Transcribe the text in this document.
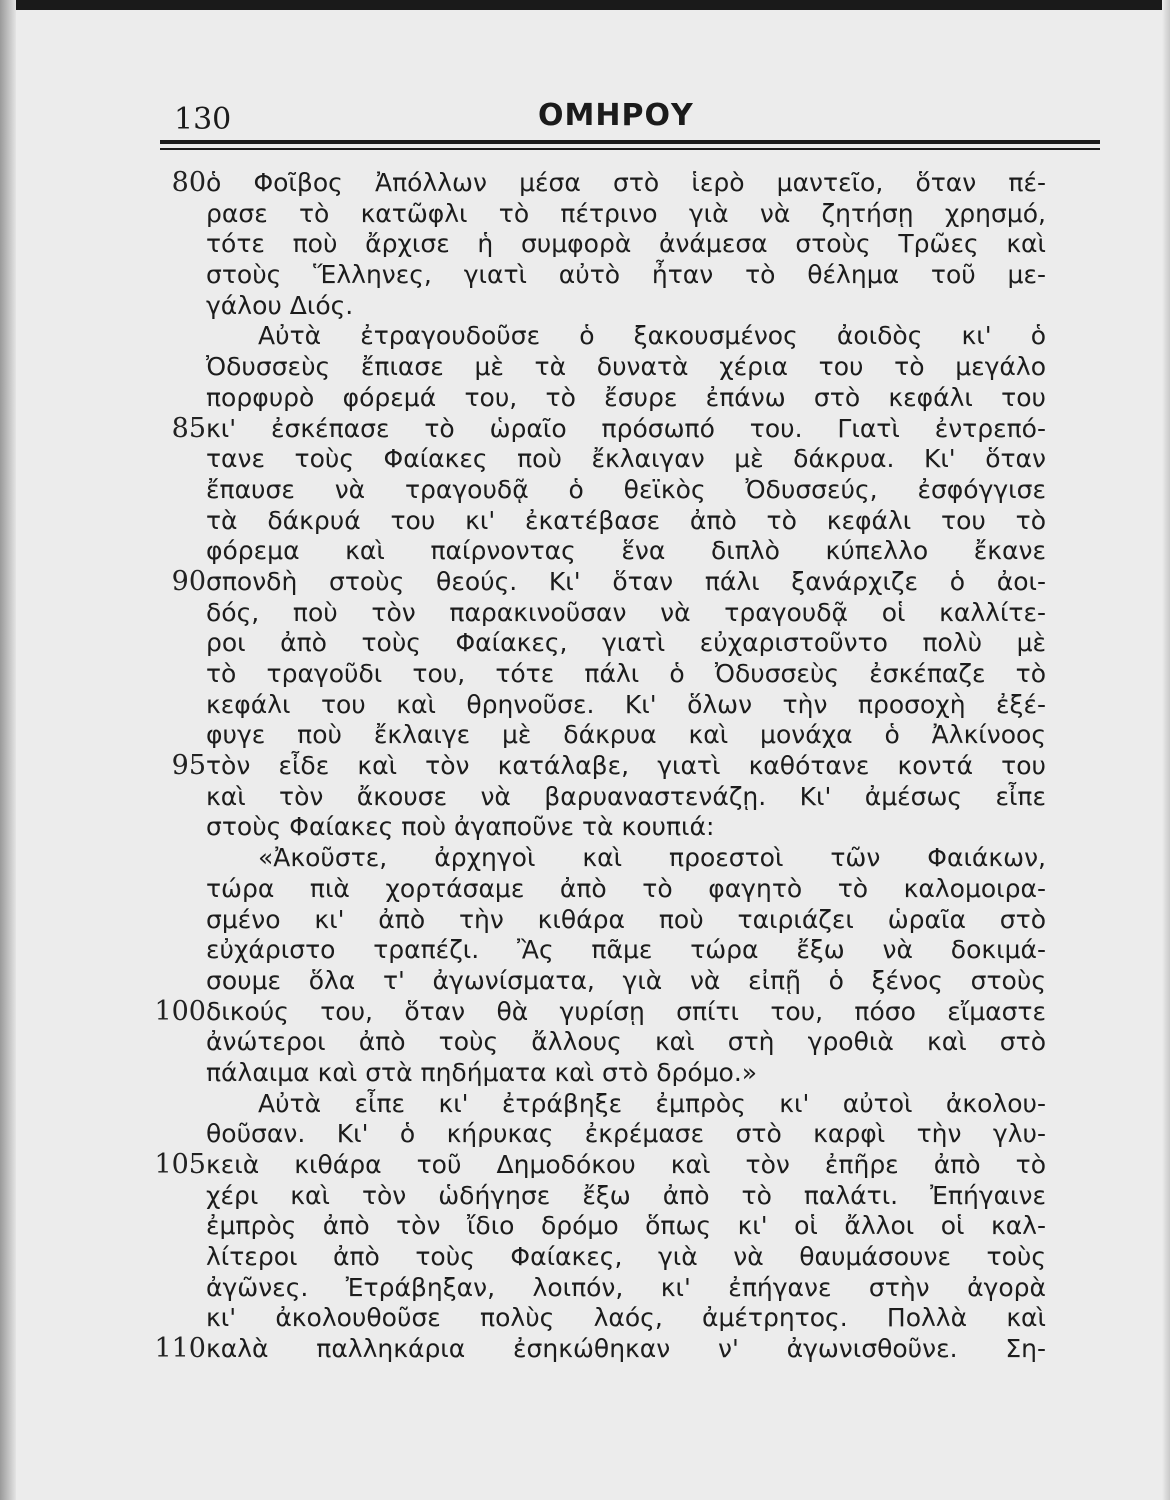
130	ΟΜΗΡΟΥ
80 ὁ Φοῖβος Ἀπόλλων μέσα στὸ ἱερὸ μαντεῖο, ὅταν πέ-
ρασε τὸ κατῶφλι τὸ πέτρινο γιὰ νὰ ζητήσῃ χρησμό,
τότε ποὺ ἄρχισε ἡ συμφορὰ ἀνάμεσα στοὺς Τρῶες καὶ
στοὺς Ἕλληνες, γιατὶ αὐτὸ ἦταν τὸ θέλημα τοῦ με-
γάλου Διός.
Αὐτὰ ἐτραγουδοῦσε ὁ ξακουσμένος ἀοιδὸς κι' ὁ
Ὀδυσσεὺς ἔπιασε μὲ τὰ δυνατὰ χέρια του τὸ μεγάλο
πορφυρὸ φόρεμά του, τὸ ἔσυρε ἐπάνω στὸ κεφάλι του
85 κι' ἐσκέπασε τὸ ὡραῖο πρόσωπό του. Γιατὶ ἐντρεπό-
τανε τοὺς Φαίακες ποὺ ἔκλαιγαν μὲ δάκρυα. Κι' ὅταν
ἔπαυσε νὰ τραγουδᾷ ὁ θεϊκὸς Ὀδυσσεύς, ἐσφόγγισε
τὰ δάκρυά του κι' ἐκατέβασε ἀπὸ τὸ κεφάλι του τὸ
φόρεμα καὶ παίρνοντας ἕνα διπλὸ κύπελλο ἔκανε
90 σπονδὴ στοὺς θεούς. Κι' ὅταν πάλι ξανάρχιζε ὁ ἀοι-
δός, ποὺ τὸν παρακινοῦσαν νὰ τραγουδᾷ οἱ καλλίτε-
ροι ἀπὸ τοὺς Φαίακες, γιατὶ εὐχαριστοῦντο πολὺ μὲ
τὸ τραγοῦδι του, τότε πάλι ὁ Ὀδυσσεὺς ἐσκέπαζε τὸ
κεφάλι του καὶ θρηνοῦσε. Κι' ὅλων τὴν προσοχὴ ἐξέ-
φυγε ποὺ ἔκλαιγε μὲ δάκρυα καὶ μονάχα ὁ Ἀλκίνοος
95 τὸν εἶδε καὶ τὸν κατάλαβε, γιατὶ καθότανε κοντά του
καὶ τὸν ἄκουσε νὰ βαρυαναστενάζῃ. Κι' ἀμέσως εἶπε
στοὺς Φαίακες ποὺ ἀγαποῦνε τὰ κουπιά:
«Ἀκοῦστε, ἀρχηγοὶ καὶ προεστοὶ τῶν Φαιάκων,
τώρα πιὰ χορτάσαμε ἀπὸ τὸ φαγητὸ τὸ καλομοιρα-
σμένο κι' ἀπὸ τὴν κιθάρα ποὺ ταιριάζει ὡραῖα στὸ
εὐχάριστο τραπέζι. Ἂς πᾶμε τώρα ἔξω νὰ δοκιμά-
σουμε ὅλα τ' ἀγωνίσματα, γιὰ νὰ εἰπῇ ὁ ξένος στοὺς
100 δικούς του, ὅταν θὰ γυρίσῃ σπίτι του, πόσο εἴμαστε
ἀνώτεροι ἀπὸ τοὺς ἄλλους καὶ στὴ γροθιὰ καὶ στὸ
πάλαιμα καὶ στὰ πηδήματα καὶ στὸ δρόμο.»
Αὐτὰ εἶπε κι' ἐτράβηξε ἐμπρὸς κι' αὐτοὶ ἀκολου-
θοῦσαν. Κι' ὁ κήρυκας ἐκρέμασε στὸ καρφὶ τὴν γλυ-
105 κειὰ κιθάρα τοῦ Δημοδόκου καὶ τὸν ἐπῆρε ἀπὸ τὸ
χέρι καὶ τὸν ὡδήγησε ἔξω ἀπὸ τὸ παλάτι. Ἐπήγαινε
ἐμπρὸς ἀπὸ τὸν ἴδιο δρόμο ὅπως κι' οἱ ἄλλοι οἱ καλ-
λίτεροι ἀπὸ τοὺς Φαίακες, γιὰ νὰ θαυμάσουνε τοὺς
ἀγῶνες. Ἐτράβηξαν, λοιπόν, κι' ἐπήγανε στὴν ἀγορὰ
κι' ἀκολουθοῦσε πολὺς λαός, ἀμέτρητος. Πολλὰ καὶ
110 καλὰ παλληκάρια ἐσηκώθηκαν ν' ἀγωνισθοῦνε. Ση-
